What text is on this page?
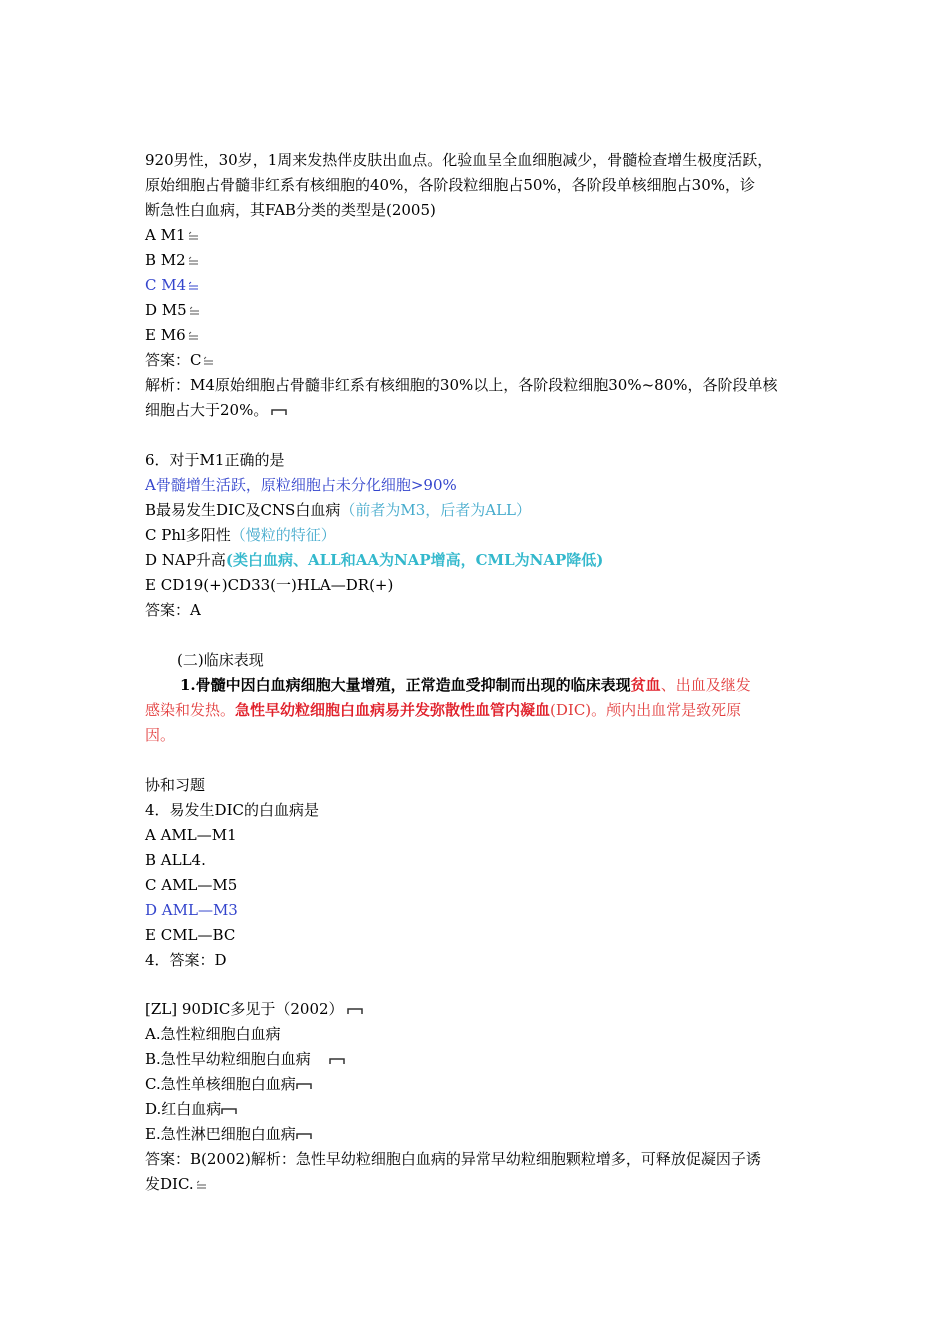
920男性，30岁，1周来发热伴皮肤出血点。化验血呈全血细胞减少，骨髓检查增生极度活跃，
原始细胞占骨髓非红系有核细胞的40%，各阶段粒细胞占50%，各阶段单核细胞占30%，诊
断急性白血病，其FAB分类的类型是(2005)
A M1
B M2
C M4
D M5
E M6
答案：C
解析：M4原始细胞占骨髓非红系有核细胞的30%以上，各阶段粒细胞30%~80%，各阶段单核
细胞占大于20%。
6．对于M1正确的是
A骨髓增生活跃，原粒细胞占未分化细胞>90%
B最易发生DIC及CNS白血病（前者为M3，后者为ALL）
C Phl多阳性（慢粒的特征）
D NAP升高(类白血病、ALL和AA为NAP增高，CML为NAP降低)
E CD19(+)CD33(一)HLA—DR(+)
答案：A
(二)临床表现
1.骨髓中因白血病细胞大量增殖，正常造血受抑制而出现的临床表现贫血、出血及继发
感染和发热。急性早幼粒细胞白血病易并发弥散性血管内凝血(DIC)。颅内出血常是致死原
因。
协和习题
4．易发生DIC的白血病是
A AML—M1
B ALL4.
C AML—M5
D AML—M3
E CML—BC
4．答案：D
[ZL] 90DIC多见于（2002）
A.急性粒细胞白血病
B.急性早幼粒细胞白血病
C.急性单核细胞白血病
D.红白血病
E.急性淋巴细胞白血病
答案：B(2002)解析：急性早幼粒细胞白血病的异常早幼粒细胞颗粒增多，可释放促凝因子诱
发DIC.
